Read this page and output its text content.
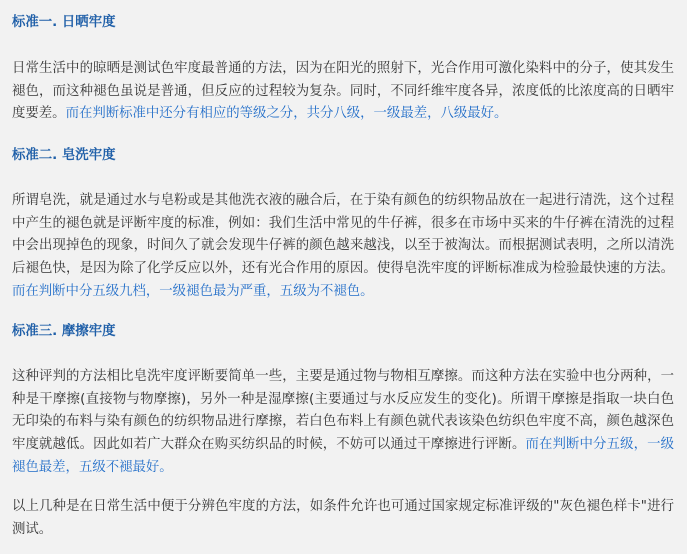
标准一. 日晒牢度

日常生活中的晾晒是测试色牢度最普通的方法，因为在阳光的照射下，光合作用可激化染料中的分子，使其发生褪色，而这种褪色虽说是普通，但反应的过程较为复杂。同时，不同纤维牢度各异，浓度低的比浓度高的日晒牢度要差。而在判断标准中还分有相应的等级之分，共分八级，一级最差，八级最好。

标准二. 皂洗牢度

所谓皂洗，就是通过水与皂粉或是其他洗衣液的融合后，在于染有颜色的纺织物品放在一起进行清洗，这个过程中产生的褪色就是评断牢度的标准，例如：我们生活中常见的牛仔裤，很多在市场中买来的牛仔裤在清洗的过程中会出现掉色的现象，时间久了就会发现牛仔裤的颜色越来越浅，以至于被淘汰。而根据测试表明，之所以清洗后褪色快，是因为除了化学反应以外，还有光合作用的原因。使得皂洗牢度的评断标准成为检验最快速的方法。而在判断中分五级九档，一级褪色最为严重，五级为不褪色。

标准三. 摩擦牢度

这种评判的方法相比皂洗牢度评断要简单一些，主要是通过物与物相互摩擦。而这种方法在实验中也分两种，一种是干摩擦(直接物与物摩擦)，另外一种是湿摩擦(主要通过与水反应发生的变化)。所谓干摩擦是指取一块白色无印染的布料与染有颜色的纺织物品进行摩擦，若白色布料上有颜色就代表该染色纺织色牢度不高，颜色越深色牢度就越低。因此如若广大群众在购买纺织品的时候，不妨可以通过干摩擦进行评断。而在判断中分五级，一级褪色最差，五级不褪最好。

以上几种是在日常生活中便于分辨色牢度的方法，如条件允许也可通过国家规定标准评级的"灰色褪色样卡"进行测试。
